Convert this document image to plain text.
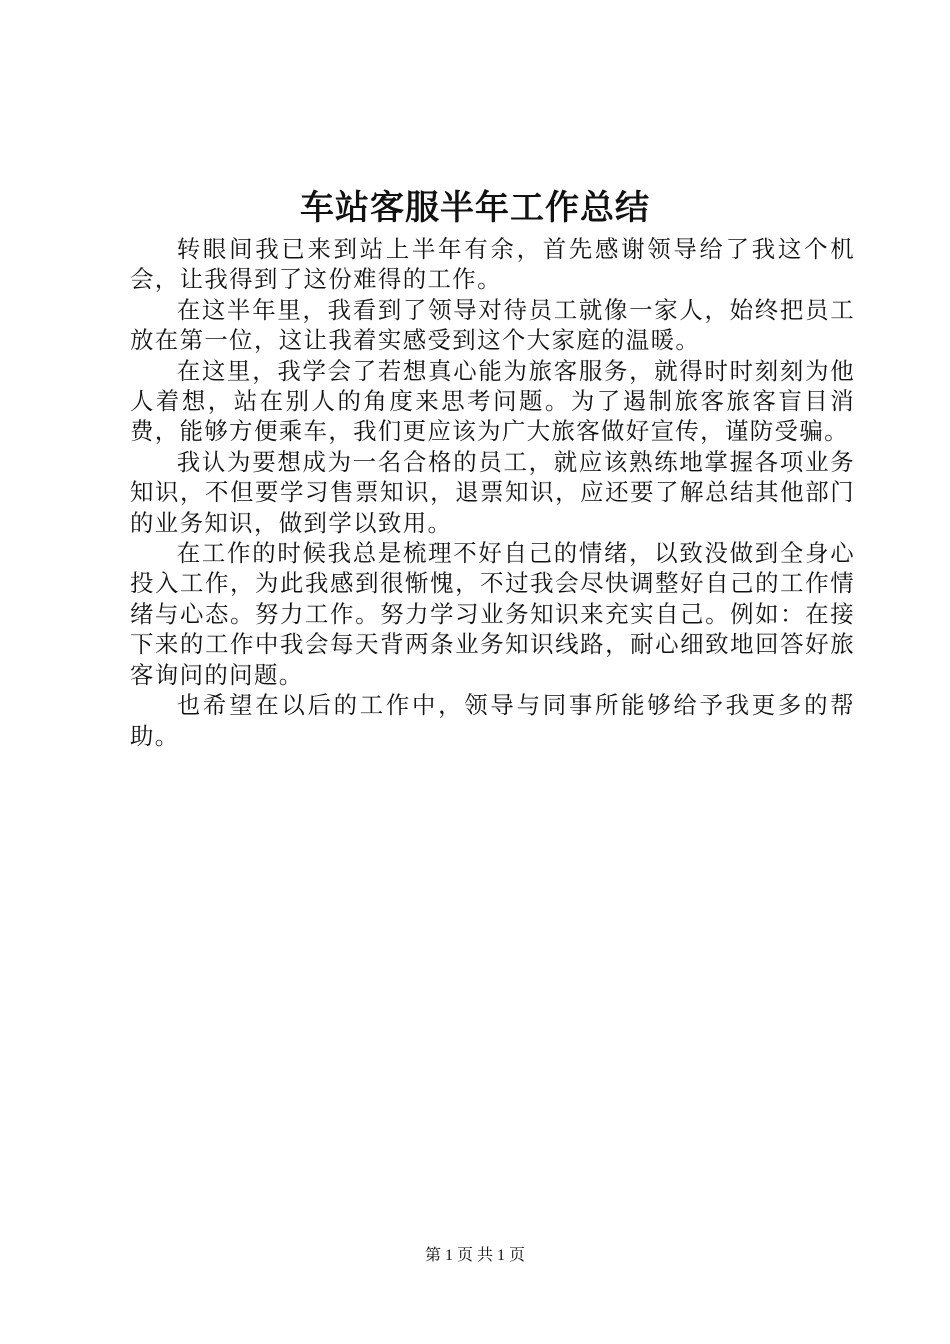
车站客服半年工作总结

转眼间我已来到站上半年有余，首先感谢领导给了我这个机会，让我得到了这份难得的工作。

在这半年里，我看到了领导对待员工就像一家人，始终把员工放在第一位，这让我着实感受到这个大家庭的温暖。

在这里，我学会了若想真心能为旅客服务，就得时时刻刻为他人着想，站在别人的角度来思考问题。为了遏制旅客旅客盲目消费，能够方便乘车，我们更应该为广大旅客做好宣传，谨防受骗。

我认为要想成为一名合格的员工，就应该熟练地掌握各项业务知识，不但要学习售票知识，退票知识，应还要了解总结其他部门的业务知识，做到学以致用。

在工作的时候我总是梳理不好自己的情绪，以致没做到全身心投入工作，为此我感到很惭愧，不过我会尽快调整好自己的工作情绪与心态。努力工作。努力学习业务知识来充实自己。例如：在接下来的工作中我会每天背两条业务知识线路，耐心细致地回答好旅客询问的问题。

也希望在以后的工作中，领导与同事所能够给予我更多的帮助。

第 1 页 共 1 页
